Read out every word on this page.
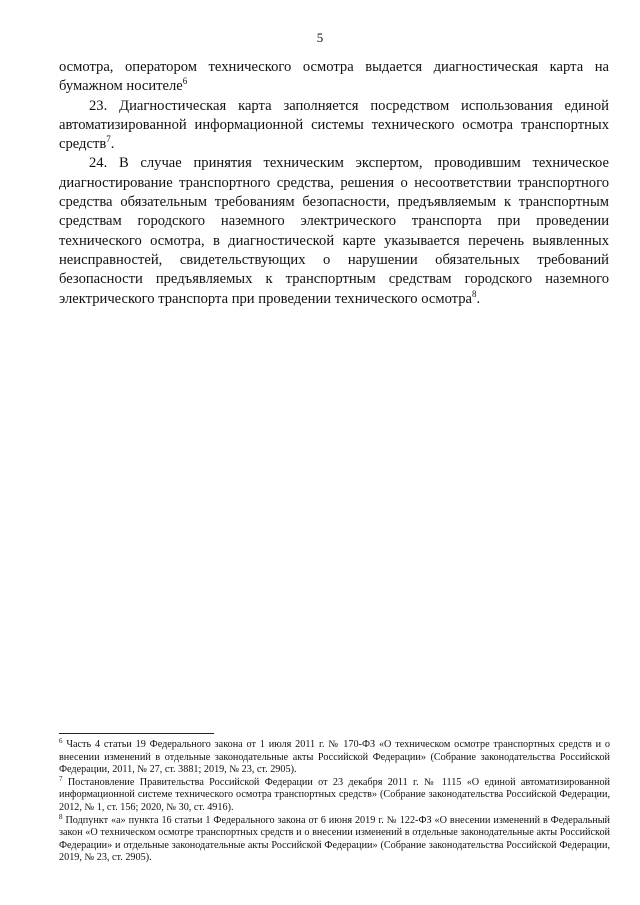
5

осмотра, оператором технического осмотра выдается диагностическая карта на бумажном носителе$^6$

23. Диагностическая карта заполняется посредством использования единой автоматизированной информационной системы технического осмотра транспортных средств$^7$.

24. В случае принятия техническим экспертом, проводившим техническое диагностирование транспортного средства, решения о несоответствии транспортного средства обязательным требованиям безопасности, предъявляемым к транспортным средствам городского наземного электрического транспорта при проведении технического осмотра, в диагностической карте указывается перечень выявленных неисправностей, свидетельствующих о нарушении обязательных требований безопасности предъявляемых к транспортным средствам городского наземного электрического транспорта при проведении технического осмотра$^8$.

$^6$ Часть 4 статьи 19 Федерального закона от 1 июля 2011 г. № 170-ФЗ «О техническом осмотре транспортных средств и о внесении изменений в отдельные законодательные акты Российской Федерации» (Собрание законодательства Российской Федерации, 2011, № 27, ст. 3881; 2019, № 23, ст. 2905).

$^7$ Постановление Правительства Российской Федерации от 23 декабря 2011 г. № 1115 «О единой автоматизированной информационной системе технического осмотра транспортных средств» (Собрание законодательства Российской Федерации, 2012, № 1, ст. 156; 2020, № 30, ст. 4916).

$^8$ Подпункт «а» пункта 16 статьи 1 Федерального закона от 6 июня 2019 г. № 122-ФЗ «О внесении изменений в Федеральный закон «О техническом осмотре транспортных средств и о внесении изменений в отдельные законодательные акты Российской Федерации» и отдельные законодательные акты Российской Федерации» (Собрание законодательства Российской Федерации, 2019, № 23, ст. 2905).
